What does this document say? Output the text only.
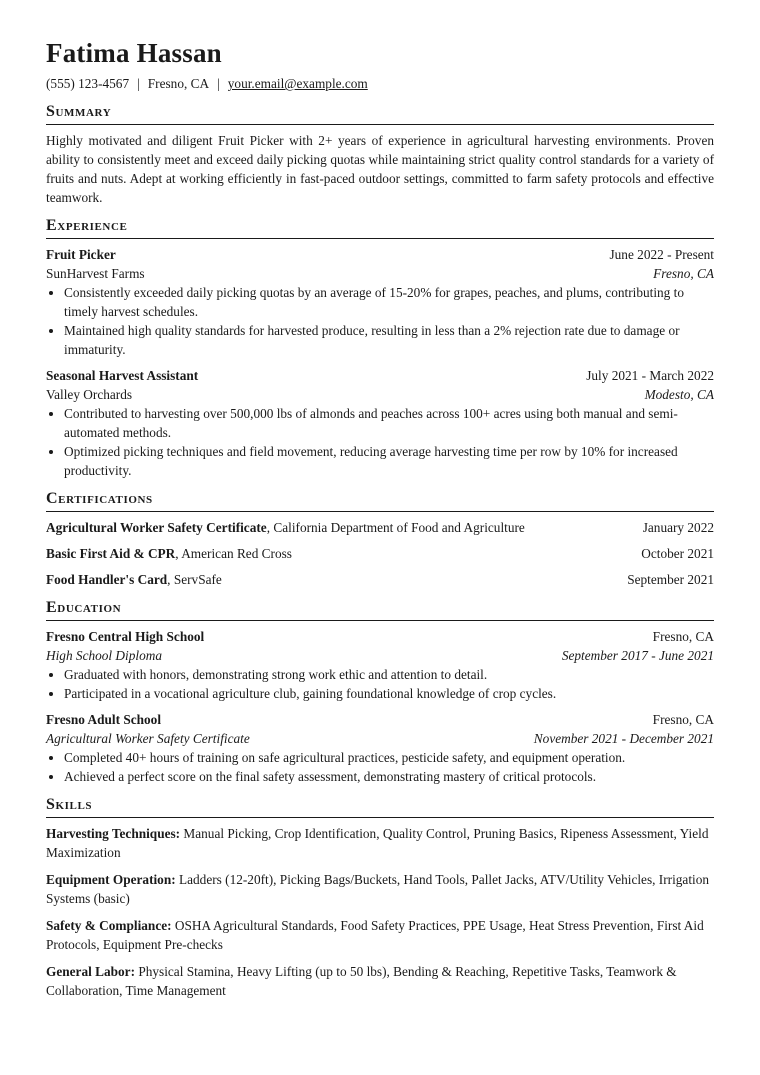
Fatima Hassan
(555) 123-4567 | Fresno, CA | your.email@example.com
Summary
Highly motivated and diligent Fruit Picker with 2+ years of experience in agricultural harvesting environments. Proven ability to consistently meet and exceed daily picking quotas while maintaining strict quality control standards for a variety of fruits and nuts. Adept at working efficiently in fast-paced outdoor settings, committed to farm safety protocols and effective teamwork.
Experience
Fruit Picker	June 2022 - Present
SunHarvest Farms	Fresno, CA
• Consistently exceeded daily picking quotas by an average of 15-20% for grapes, peaches, and plums, contributing to timely harvest schedules.
• Maintained high quality standards for harvested produce, resulting in less than a 2% rejection rate due to damage or immaturity.
Seasonal Harvest Assistant	July 2021 - March 2022
Valley Orchards	Modesto, CA
• Contributed to harvesting over 500,000 lbs of almonds and peaches across 100+ acres using both manual and semi-automated methods.
• Optimized picking techniques and field movement, reducing average harvesting time per row by 10% for increased productivity.
Certifications
Agricultural Worker Safety Certificate, California Department of Food and Agriculture	January 2022
Basic First Aid & CPR, American Red Cross	October 2021
Food Handler's Card, ServSafe	September 2021
Education
Fresno Central High School	Fresno, CA
High School Diploma	September 2017 - June 2021
• Graduated with honors, demonstrating strong work ethic and attention to detail.
• Participated in a vocational agriculture club, gaining foundational knowledge of crop cycles.
Fresno Adult School	Fresno, CA
Agricultural Worker Safety Certificate	November 2021 - December 2021
• Completed 40+ hours of training on safe agricultural practices, pesticide safety, and equipment operation.
• Achieved a perfect score on the final safety assessment, demonstrating mastery of critical protocols.
Skills
Harvesting Techniques: Manual Picking, Crop Identification, Quality Control, Pruning Basics, Ripeness Assessment, Yield Maximization
Equipment Operation: Ladders (12-20ft), Picking Bags/Buckets, Hand Tools, Pallet Jacks, ATV/Utility Vehicles, Irrigation Systems (basic)
Safety & Compliance: OSHA Agricultural Standards, Food Safety Practices, PPE Usage, Heat Stress Prevention, First Aid Protocols, Equipment Pre-checks
General Labor: Physical Stamina, Heavy Lifting (up to 50 lbs), Bending & Reaching, Repetitive Tasks, Teamwork & Collaboration, Time Management
